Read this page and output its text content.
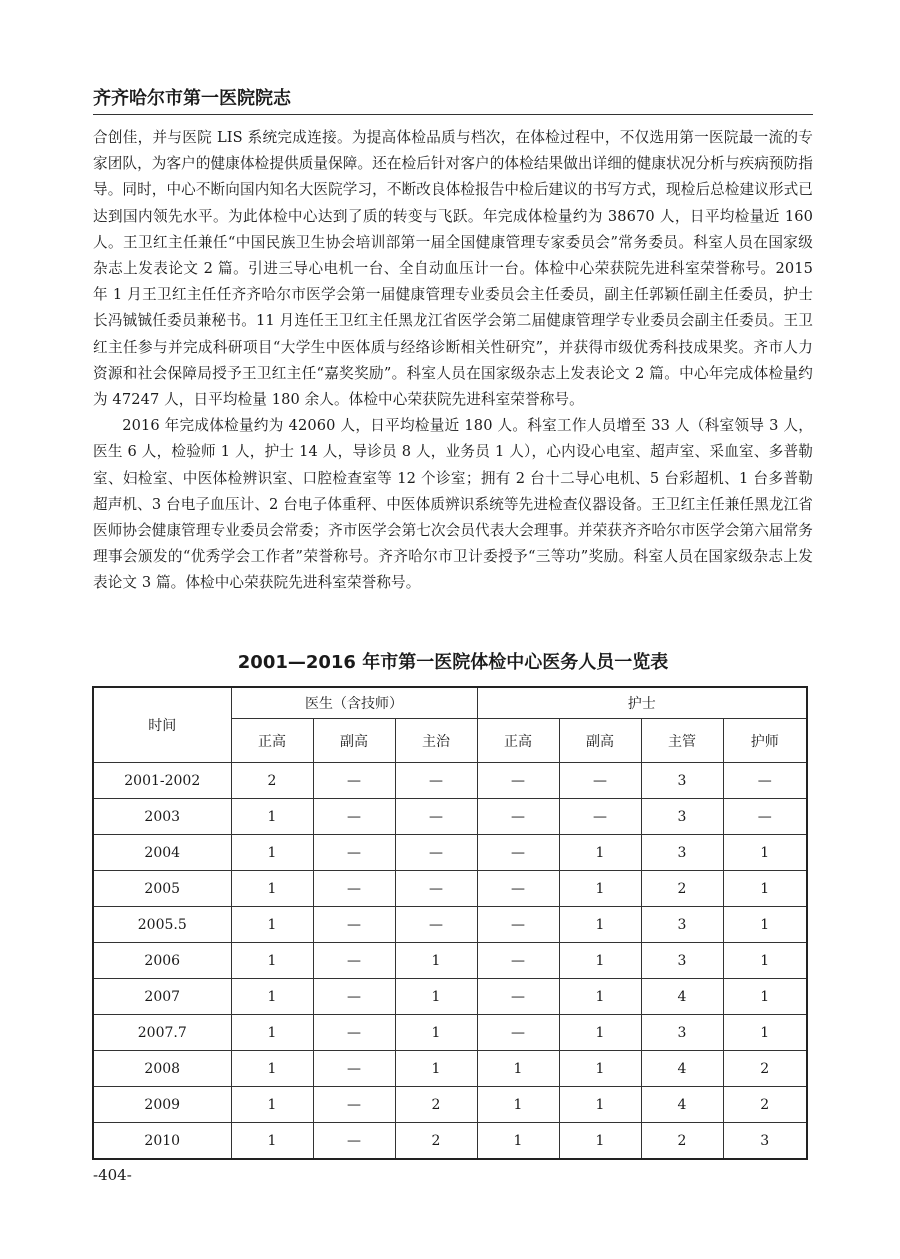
齐齐哈尔市第一医院院志

合创佳，并与医院 LIS 系统完成连接。为提高体检品质与档次，在体检过程中，不仅选用第一医院最一流的专家团队，为客户的健康体检提供质量保障。还在检后针对客户的体检结果做出详细的健康状况分析与疾病预防指导。同时，中心不断向国内知名大医院学习，不断改良体检报告中检后建议的书写方式，现检后总检建议形式已达到国内领先水平。为此体检中心达到了质的转变与飞跃。年完成体检量约为 38670 人，日平均检量近 160 人。王卫红主任兼任“中国民族卫生协会培训部第一届全国健康管理专家委员会”常务委员。科室人员在国家级杂志上发表论文 2 篇。引进三导心电机一台、全自动血压计一台。体检中心荣获院先进科室荣誉称号。2015 年 1 月王卫红主任任齐齐哈尔市医学会第一届健康管理专业委员会主任委员，副主任郭颖任副主任委员，护士长冯铖铖任委员兼秘书。11 月连任王卫红主任黑龙江省医学会第二届健康管理学专业委员会副主任委员。王卫红主任参与并完成科研项目“大学生中医体质与经络诊断相关性研究”，并获得市级优秀科技成果奖。齐市人力资源和社会保障局授予王卫红主任“嘉奖奖励”。科室人员在国家级杂志上发表论文 2 篇。中心年完成体检量约为 47247 人，日平均检量 180 余人。体检中心荣获院先进科室荣誉称号。

2016 年完成体检量约为 42060 人，日平均检量近 180 人。科室工作人员增至 33 人（科室领导 3 人，医生 6 人，检验师 1 人，护士 14 人，导诊员 8 人，业务员 1 人），心内设心电室、超声室、采血室、多普勒室、妇检室、中医体检辨识室、口腔检查室等 12 个诊室；拥有 2 台十二导心电机、5 台彩超机、1 台多普勒超声机、3 台电子血压计、2 台电子体重秤、中医体质辨识系统等先进检查仪器设备。王卫红主任兼任黑龙江省医师协会健康管理专业委员会常委；齐市医学会第七次会员代表大会理事。并荣获齐齐哈尔市医学会第六届常务理事会颁发的“优秀学会工作者”荣誉称号。齐齐哈尔市卫计委授予“三等功”奖励。科室人员在国家级杂志上发表论文 3 篇。体检中心荣获院先进科室荣誉称号。

2001—2016 年市第一医院体检中心医务人员一览表
时间	医生（含技师）			护士			
	正高	副高	主治	正高	副高	主管	护师
2001-2002	2	—	—	—	—	3	—
2003	1	—	—	—	—	3	—
2004	1	—	—	—	1	3	1
2005	1	—	—	—	1	2	1
2005.5	1	—	—	—	1	3	1
2006	1	—	1	—	1	3	1
2007	1	—	1	—	1	4	1
2007.7	1	—	1	—	1	3	1
2008	1	—	1	1	1	4	2
2009	1	—	2	1	1	4	2
2010	1	—	2	1	1	2	3
-404-
